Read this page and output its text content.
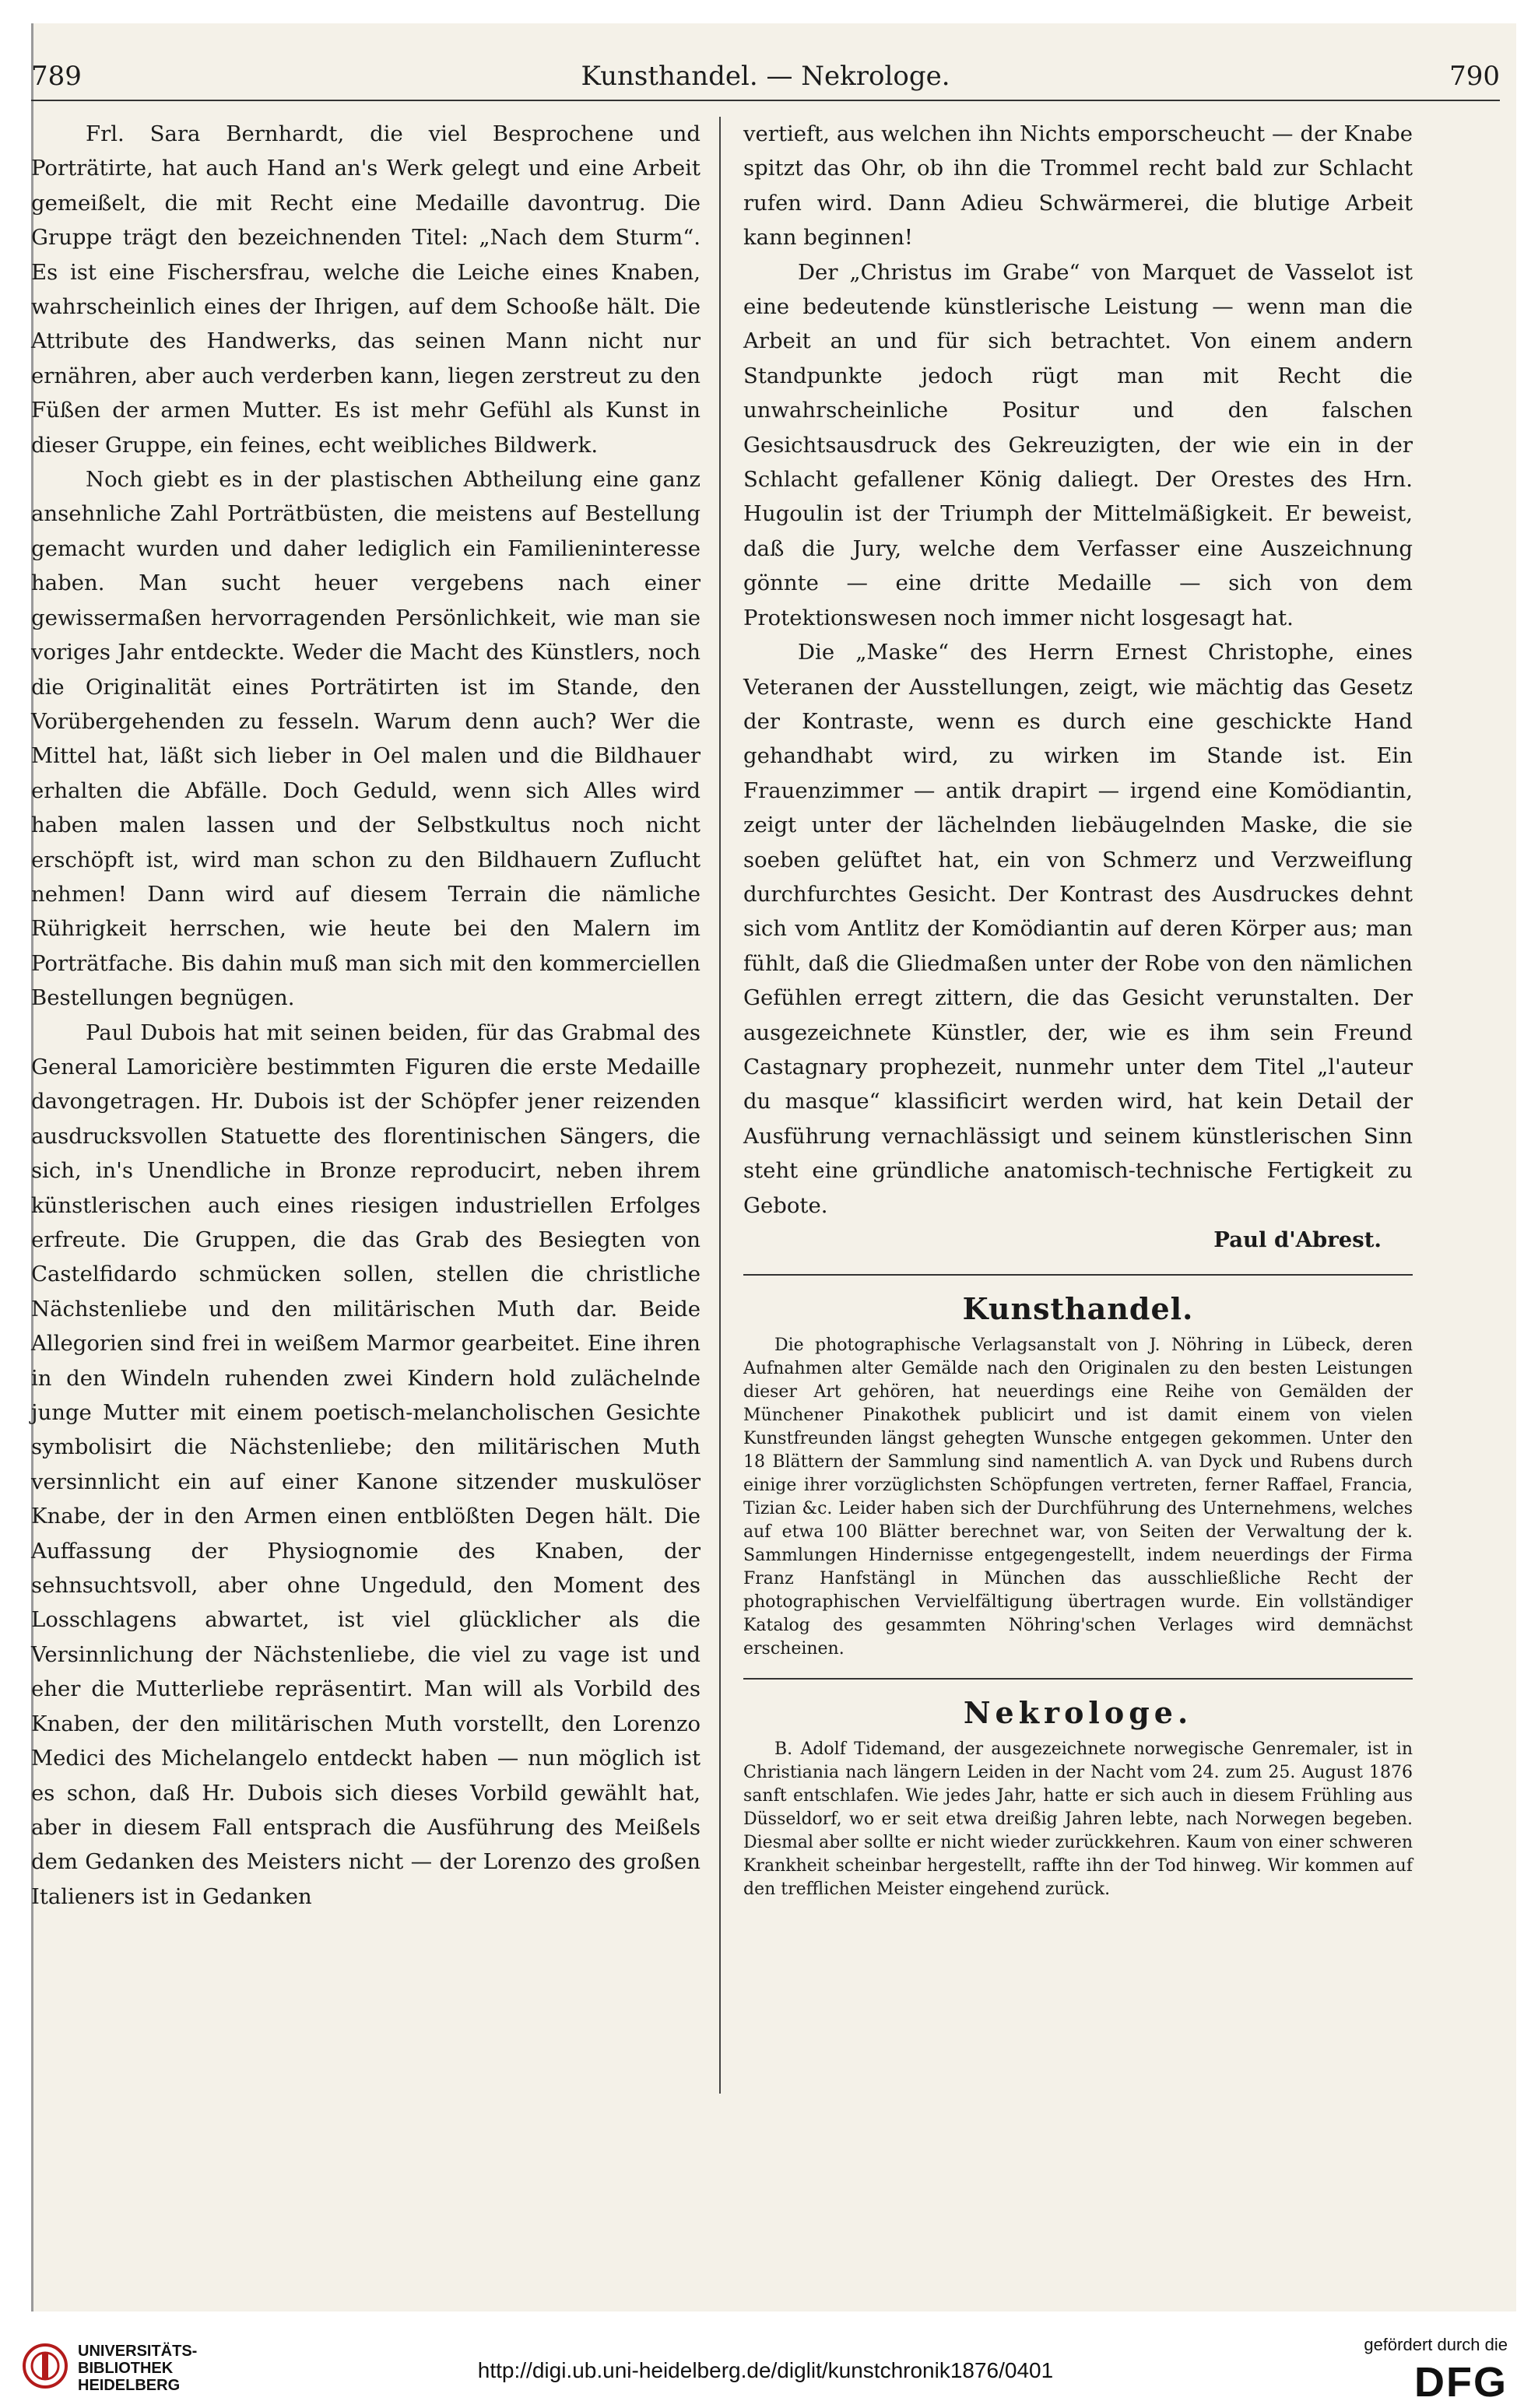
789	Kunsthandel. — Nekrologe.	790

Frl. Sara Bernhardt, die viel Besprochene und Porträtirte, hat auch Hand an's Werk gelegt und eine Arbeit gemeißelt, die mit Recht eine Medaille davontrug. Die Gruppe trägt den bezeichnenden Titel: „Nach dem Sturm“. Es ist eine Fischersfrau, welche die Leiche eines Knaben, wahrscheinlich eines der Ihrigen, auf dem Schooße hält. Die Attribute des Handwerks, das seinen Mann nicht nur ernähren, aber auch verderben kann, liegen zerstreut zu den Füßen der armen Mutter. Es ist mehr Gefühl als Kunst in dieser Gruppe, ein feines, echt weibliches Bildwerk.

Noch giebt es in der plastischen Abtheilung eine ganz ansehnliche Zahl Porträtbüsten, die meistens auf Bestellung gemacht wurden und daher lediglich ein Familieninteresse haben. Man sucht heuer vergebens nach einer gewissermaßen hervorragenden Persönlichkeit, wie man sie voriges Jahr entdeckte. Weder die Macht des Künstlers, noch die Originalität eines Porträtirten ist im Stande, den Vorübergehenden zu fesseln. Warum denn auch? Wer die Mittel hat, läßt sich lieber in Oel malen und die Bildhauer erhalten die Abfälle. Doch Geduld, wenn sich Alles wird haben malen lassen und der Selbstkultus noch nicht erschöpft ist, wird man schon zu den Bildhauern Zuflucht nehmen! Dann wird auf diesem Terrain die nämliche Rührigkeit herrschen, wie heute bei den Malern im Porträtfache. Bis dahin muß man sich mit den kommerciellen Bestellungen begnügen.

Paul Dubois hat mit seinen beiden, für das Grabmal des General Lamoricière bestimmten Figuren die erste Medaille davongetragen. Hr. Dubois ist der Schöpfer jener reizenden ausdrucksvollen Statuette des florentinischen Sängers, die sich, in's Unendliche in Bronze reproducirt, neben ihrem künstlerischen auch eines riesigen industriellen Erfolges erfreute. Die Gruppen, die das Grab des Besiegten von Castelfidardo schmücken sollen, stellen die christliche Nächstenliebe und den militärischen Muth dar. Beide Allegorien sind frei in weißem Marmor gearbeitet. Eine ihren in den Windeln ruhenden zwei Kindern hold zulächelnde junge Mutter mit einem poetisch-melancholischen Gesichte symbolisirt die Nächstenliebe; den militärischen Muth versinnlicht ein auf einer Kanone sitzender muskulöser Knabe, der in den Armen einen entblößten Degen hält. Die Auffassung der Physiognomie des Knaben, der sehnsuchtsvoll, aber ohne Ungeduld, den Moment des Losschlagens abwartet, ist viel glücklicher als die Versinnlichung der Nächstenliebe, die viel zu vage ist und eher die Mutterliebe repräsentirt. Man will als Vorbild des Knaben, der den militärischen Muth vorstellt, den Lorenzo Medici des Michelangelo entdeckt haben — nun möglich ist es schon, daß Hr. Dubois sich dieses Vorbild gewählt hat, aber in diesem Fall entsprach die Ausführung des Meißels dem Gedanken des Meisters nicht — der Lorenzo des großen Italieners ist in Gedanken

vertieft, aus welchen ihn Nichts emporscheucht — der Knabe spitzt das Ohr, ob ihn die Trommel recht bald zur Schlacht rufen wird. Dann Adieu Schwärmerei, die blutige Arbeit kann beginnen!

Der „Christus im Grabe“ von Marquet de Vasselot ist eine bedeutende künstlerische Leistung — wenn man die Arbeit an und für sich betrachtet. Von einem andern Standpunkte jedoch rügt man mit Recht die unwahrscheinliche Positur und den falschen Gesichtsausdruck des Gekreuzigten, der wie ein in der Schlacht gefallener König daliegt. Der Orestes des Hrn. Hugoulin ist der Triumph der Mittelmäßigkeit. Er beweist, daß die Jury, welche dem Verfasser eine Auszeichnung gönnte — eine dritte Medaille — sich von dem Protektionswesen noch immer nicht losgesagt hat.

Die „Maske“ des Herrn Ernest Christophe, eines Veteranen der Ausstellungen, zeigt, wie mächtig das Gesetz der Kontraste, wenn es durch eine geschickte Hand gehandhabt wird, zu wirken im Stande ist. Ein Frauenzimmer — antik drapirt — irgend eine Komödiantin, zeigt unter der lächelnden liebäugelnden Maske, die sie soeben gelüftet hat, ein von Schmerz und Verzweiflung durchfurchtes Gesicht. Der Kontrast des Ausdruckes dehnt sich vom Antlitz der Komödiantin auf deren Körper aus; man fühlt, daß die Gliedmaßen unter der Robe von den nämlichen Gefühlen erregt zittern, die das Gesicht verunstalten. Der ausgezeichnete Künstler, der, wie es ihm sein Freund Castagnary prophezeit, nunmehr unter dem Titel „l'auteur du masque“ klassificirt werden wird, hat kein Detail der Ausführung vernachlässigt und seinem künstlerischen Sinn steht eine gründliche anatomisch-technische Fertigkeit zu Gebote.

Paul d'Abrest.

Kunsthandel.

Die photographische Verlagsanstalt von J. Nöhring in Lübeck, deren Aufnahmen alter Gemälde nach den Originalen zu den besten Leistungen dieser Art gehören, hat neuerdings eine Reihe von Gemälden der Münchener Pinakothek publicirt und ist damit einem von vielen Kunstfreunden längst gehegten Wunsche entgegen gekommen. Unter den 18 Blättern der Sammlung sind namentlich A. van Dyck und Rubens durch einige ihrer vorzüglichsten Schöpfungen vertreten, ferner Raffael, Francia, Tizian &c. Leider haben sich der Durchführung des Unternehmens, welches auf etwa 100 Blätter berechnet war, von Seiten der Verwaltung der k. Sammlungen Hindernisse entgegengestellt, indem neuerdings der Firma Franz Hanfstängl in München das ausschließliche Recht der photographischen Vervielfältigung übertragen wurde. Ein vollständiger Katalog des gesammten Nöhring'schen Verlages wird demnächst erscheinen.

Nekrologe.

B. Adolf Tidemand, der ausgezeichnete norwegische Genremaler, ist in Christiania nach längern Leiden in der Nacht vom 24. zum 25. August 1876 sanft entschlafen. Wie jedes Jahr, hatte er sich auch in diesem Frühling aus Düsseldorf, wo er seit etwa dreißig Jahren lebte, nach Norwegen begeben. Diesmal aber sollte er nicht wieder zurückkehren. Kaum von einer schweren Krankheit scheinbar hergestellt, raffte ihn der Tod hinweg. Wir kommen auf den trefflichen Meister eingehend zurück.

UNIVERSITÄTS-
BIBLIOTHEK
HEIDELBERG
http://digi.ub.uni-heidelberg.de/diglit/kunstchronik1876/0401
gefördert durch die
DFG
